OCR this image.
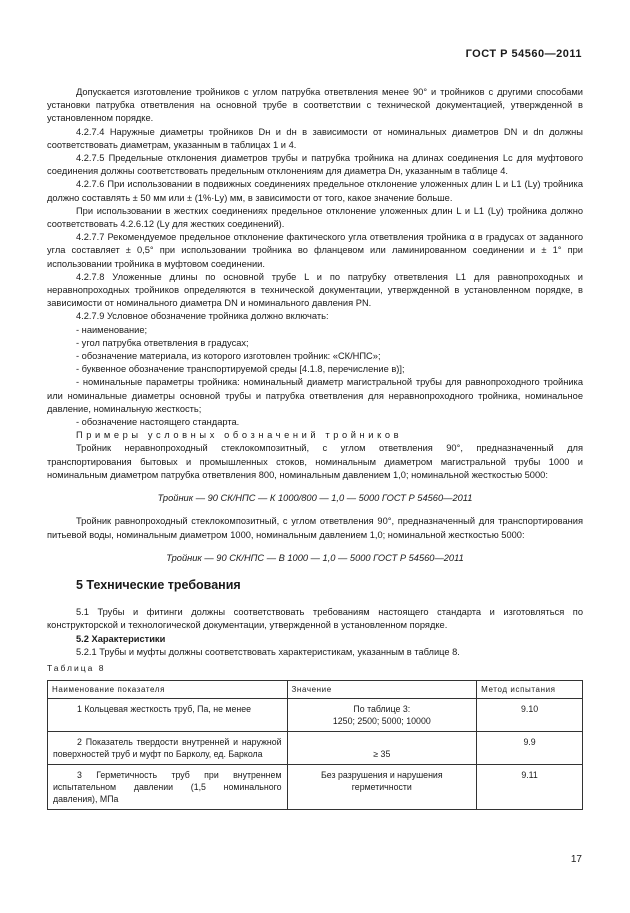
ГОСТ Р 54560—2011

Допускается изготовление тройников с углом патрубка ответвления менее 90° и тройников с другими способами установки патрубка ответвления на основной трубе в соответствии с технической документацией, утвержденной в установленном порядке.

4.2.7.4 Наружные диаметры тройников Dн и dн в зависимости от номинальных диаметров DN и dn должны соответствовать диаметрам, указанным в таблицах 1 и 4.

4.2.7.5 Предельные отклонения диаметров трубы и патрубка тройника на длинах соединения Lс для муфтового соединения должны соответствовать предельным отклонениям для диаметра Dн, указанным в таблице 4.

4.2.7.6 При использовании в подвижных соединениях предельное отклонение уложенных длин L и L1 (Lу) тройника должно составлять ± 50 мм или ± (1%·Lу) мм, в зависимости от того, какое значение больше.

При использовании в жестких соединениях предельное отклонение уложенных длин L и L1 (Lу) тройника должно соответствовать 4.2.6.12 (Lу для жестких соединений).

4.2.7.7 Рекомендуемое предельное отклонение фактического угла ответвления тройника α в градусах от заданного угла составляет ± 0,5° при использовании тройника во фланцевом или ламинированном соединении и ± 1° при использовании тройника в муфтовом соединении.

4.2.7.8 Уложенные длины по основной трубе L и по патрубку ответвления L1 для равнопроходных и неравнопроходных тройников определяются в технической документации, утвержденной в установленном порядке, в зависимости от номинального диаметра DN и номинального давления PN.

4.2.7.9 Условное обозначение тройника должно включать:

- наименование;

- угол патрубка ответвления в градусах;

- обозначение материала, из которого изготовлен тройник: «СК/НПС»;

- буквенное обозначение транспортируемой среды [4.1.8, перечисление в)];

- номинальные параметры тройника: номинальный диаметр магистральной трубы для равнопроходного тройника или номинальные диаметры основной трубы и патрубка ответвления для неравнопроходного тройника, номинальное давление, номинальную жесткость;

- обозначение настоящего стандарта.

Примеры условных обозначений тройников

Тройник неравнопроходный стеклокомпозитный, с углом ответвления 90°, предназначенный для транспортирования бытовых и промышленных стоков, номинальным диаметром магистральной трубы 1000 и номинальным диаметром патрубка ответвления 800, номинальным давлением 1,0; номинальной жесткостью 5000:

Тройник — 90 СК/НПС — К 1000/800 — 1,0 — 5000 ГОСТ Р 54560—2011

Тройник равнопроходный стеклокомпозитный, с углом ответвления 90°, предназначенный для транспортирования питьевой воды, номинальным диаметром 1000, номинальным давлением 1,0; номинальной жесткостью 5000:

Тройник — 90 СК/НПС — В 1000 — 1,0 — 5000 ГОСТ Р 54560—2011

5 Технические требования

5.1 Трубы и фитинги должны соответствовать требованиям настоящего стандарта и изготовляться по конструкторской и технологической документации, утвержденной в установленном порядке.

5.2 Характеристики

5.2.1 Трубы и муфты должны соответствовать характеристикам, указанным в таблице 8.

Таблица 8

Наименование показателя	Значение	Метод испытания
1 Кольцевая жесткость труб, Па, не менее	По таблице 3:
1250; 2500; 5000; 10000	9.10
2 Показатель твердости внутренней и наружной поверхностей труб и муфт по Барколу, ед. Баркола	≥ 35	9.9
3 Герметичность труб при внутреннем испытательном давлении (1,5 номинального давления), МПа	Без разрушения и нарушения герметичности	9.11
17
